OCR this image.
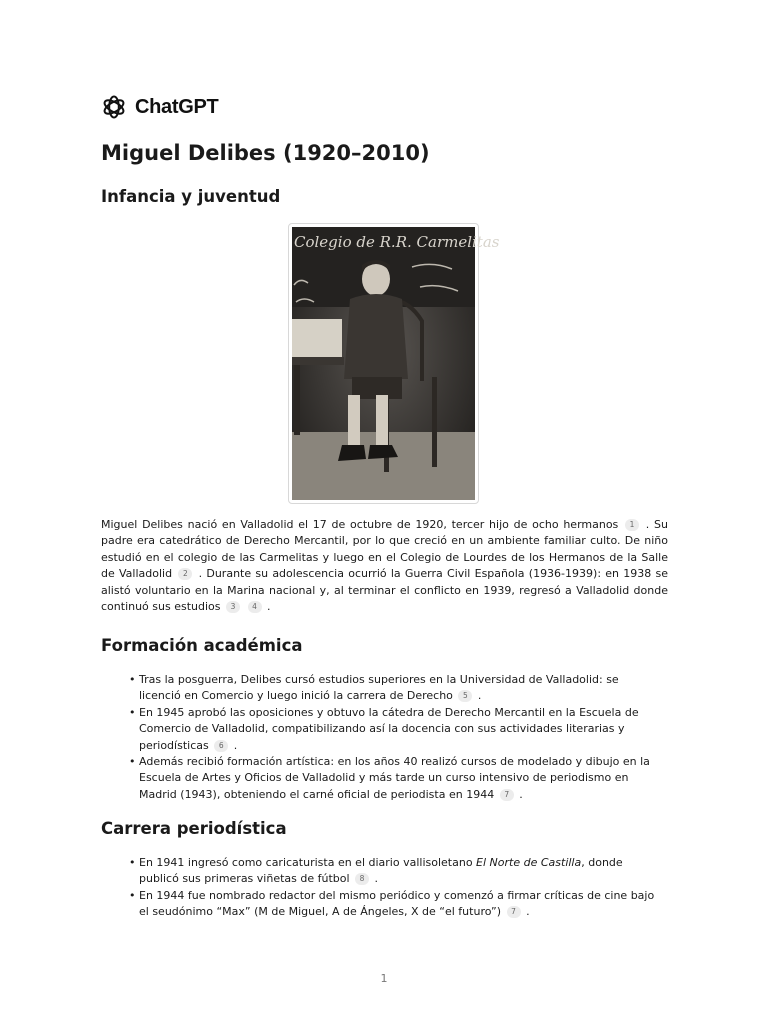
ChatGPT
Miguel Delibes (1920–2010)
Infancia y juventud
Colegio de R.R. Carmelitas

Miguel Delibes nació en Valladolid el 17 de octubre de 1920, tercer hijo de ocho hermanos 1 . Su padre era catedrático de Derecho Mercantil, por lo que creció en un ambiente familiar culto. De niño estudió en el colegio de las Carmelitas y luego en el Colegio de Lourdes de los Hermanos de la Salle de Valladolid 2 . Durante su adolescencia ocurrió la Guerra Civil Española (1936-1939): en 1938 se alistó voluntario en la Marina nacional y, al terminar el conflicto en 1939, regresó a Valladolid donde continuó sus estudios 3 4 .

Formación académica
• Tras la posguerra, Delibes cursó estudios superiores en la Universidad de Valladolid: se licenció en Comercio y luego inició la carrera de Derecho 5 .
• En 1945 aprobó las oposiciones y obtuvo la cátedra de Derecho Mercantil en la Escuela de Comercio de Valladolid, compatibilizando así la docencia con sus actividades literarias y periodísticas 6 .
• Además recibió formación artística: en los años 40 realizó cursos de modelado y dibujo en la Escuela de Artes y Oficios de Valladolid y más tarde un curso intensivo de periodismo en Madrid (1943), obteniendo el carné oficial de periodista en 1944 7 .
Carrera periodística
• En 1941 ingresó como caricaturista en el diario vallisoletano El Norte de Castilla, donde publicó sus primeras viñetas de fútbol 8 .
• En 1944 fue nombrado redactor del mismo periódico y comenzó a firmar críticas de cine bajo el seudónimo “Max” (M de Miguel, A de Ángeles, X de “el futuro”) 7 .
1
